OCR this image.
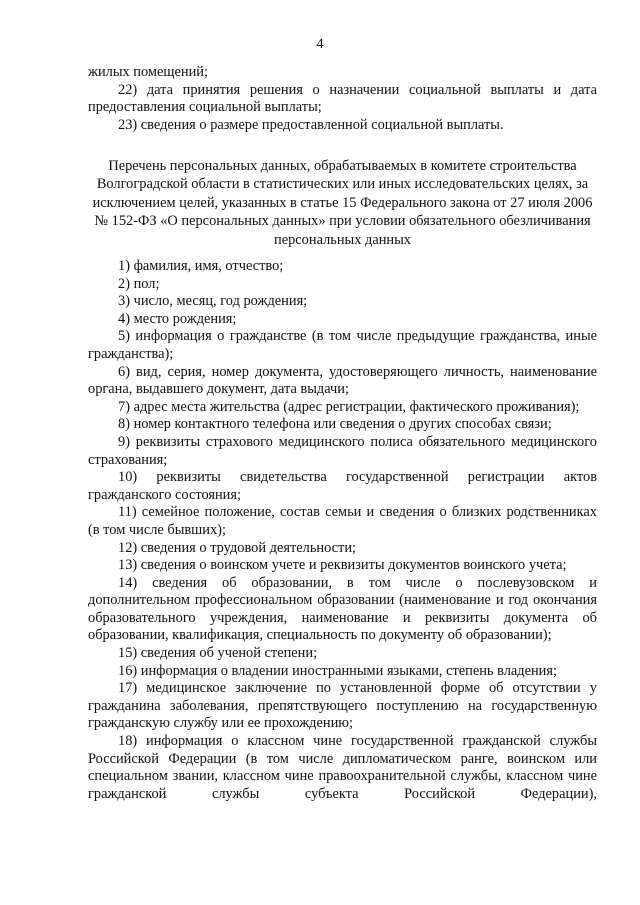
4

жилых помещений;

22) дата принятия решения о назначении социальной выплаты и дата предоставления социальной выплаты;

23) сведения о размере предоставленной социальной выплаты.

Перечень персональных данных, обрабатываемых в комитете строительства Волгоградской области в статистических или иных исследовательских целях, за исключением целей, указанных в статье 15 Федерального закона от 27 июля 2006 № 152-ФЗ «О персональных данных» при условии обязательного обезличивания персональных данных

1) фамилия, имя, отчество;

2) пол;

3) число, месяц, год рождения;

4) место рождения;

5) информация о гражданстве (в том числе предыдущие гражданства, иные гражданства);

6) вид, серия, номер документа, удостоверяющего личность, наименование органа, выдавшего документ, дата выдачи;

7) адрес места жительства (адрес регистрации, фактического проживания);

8) номер контактного телефона или сведения о других способах связи;

9) реквизиты страхового медицинского полиса обязательного медицинского страхования;

10) реквизиты свидетельства государственной регистрации актов гражданского состояния;

11) семейное положение, состав семьи и сведения о близких родственниках (в том числе бывших);

12) сведения о трудовой деятельности;

13) сведения о воинском учете и реквизиты документов воинского учета;

14) сведения об образовании, в том числе о послевузовском и дополнительном профессиональном образовании (наименование и год окончания образовательного учреждения, наименование и реквизиты документа об образовании, квалификация, специальность по документу об образовании);

15) сведения об ученой степени;

16) информация о владении иностранными языками, степень владения;

17) медицинское заключение по установленной форме об отсутствии у гражданина заболевания, препятствующего поступлению на государственную гражданскую службу или ее прохождению;

18) информация о классном чине государственной гражданской службы Российской Федерации (в том числе дипломатическом ранге, воинском или специальном звании, классном чине правоохранительной службы, классном чине гражданской службы субъекта Российской Федерации),
